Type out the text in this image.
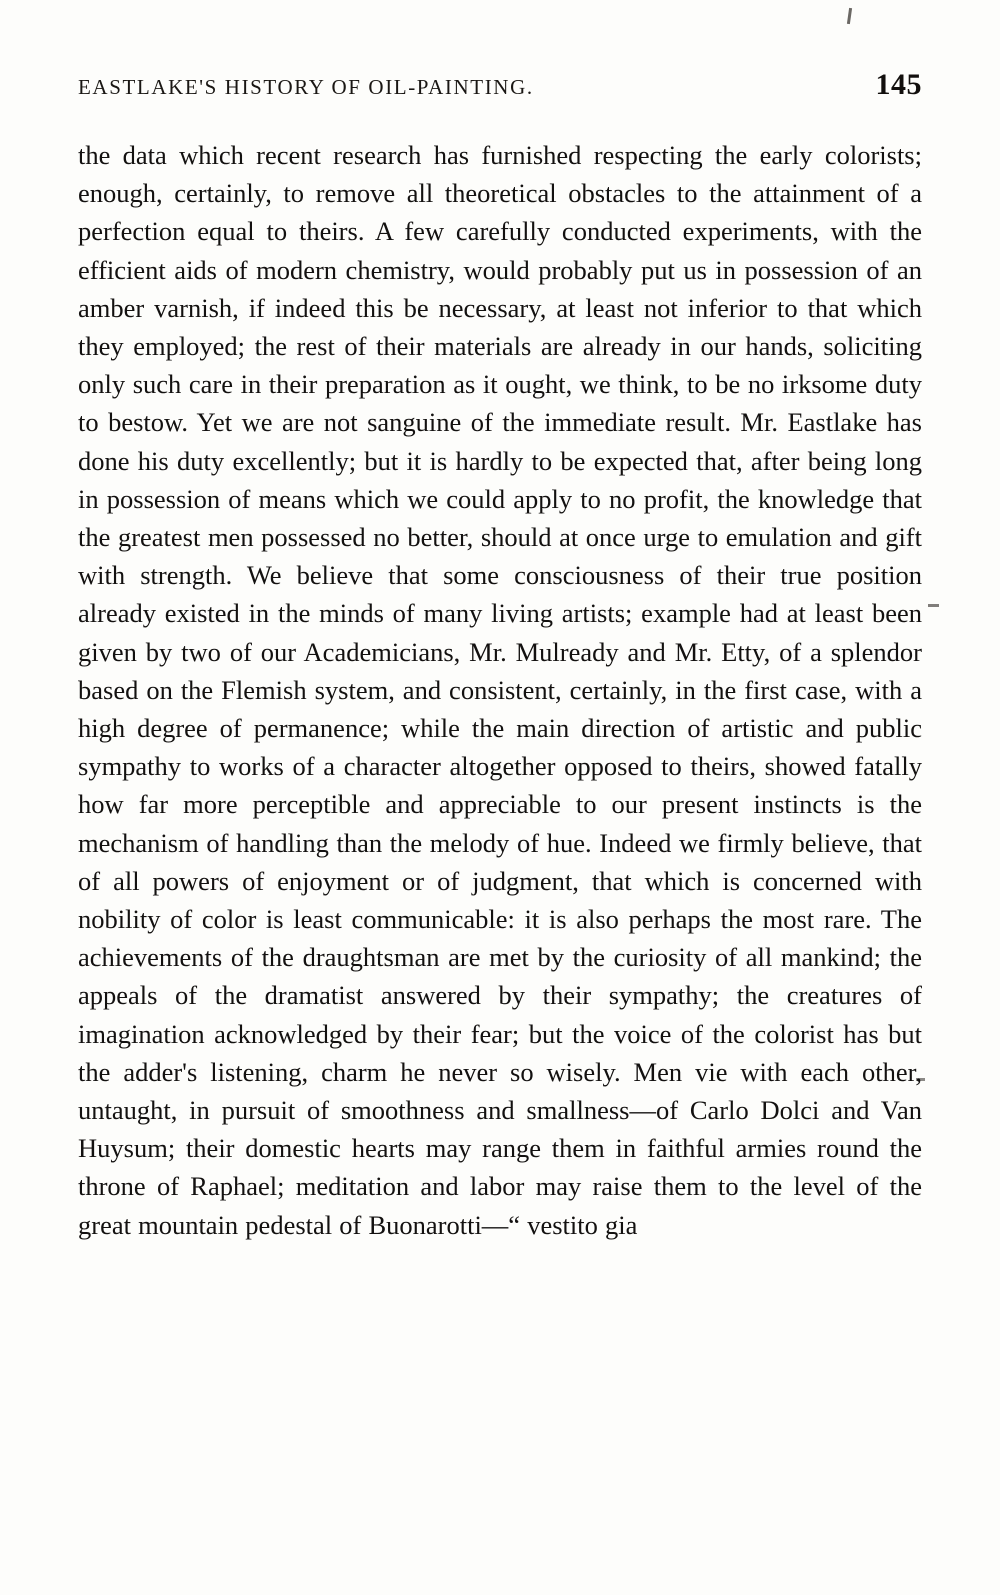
EASTLAKE'S HISTORY OF OIL-PAINTING.	145

the data which recent research has furnished respecting the early colorists; enough, certainly, to remove all theoretical obstacles to the attainment of a perfection equal to theirs. A few carefully conducted experiments, with the efficient aids of modern chemistry, would probably put us in possession of an amber varnish, if indeed this be necessary, at least not inferior to that which they employed; the rest of their materials are already in our hands, soliciting only such care in their preparation as it ought, we think, to be no irksome duty to bestow. Yet we are not sanguine of the immediate result. Mr. Eastlake has done his duty excellently; but it is hardly to be expected that, after being long in possession of means which we could apply to no profit, the knowledge that the greatest men possessed no better, should at once urge to emulation and gift with strength. We believe that some consciousness of their true position already existed in the minds of many living artists; example had at least been given by two of our Academicians, Mr. Mulready and Mr. Etty, of a splendor based on the Flemish system, and consistent, certainly, in the first case, with a high degree of permanence; while the main direction of artistic and public sympathy to works of a character altogether opposed to theirs, showed fatally how far more perceptible and appreciable to our present instincts is the mechanism of handling than the melody of hue. Indeed we firmly believe, that of all powers of enjoyment or of judgment, that which is concerned with nobility of color is least communicable: it is also perhaps the most rare. The achievements of the draughtsman are met by the curiosity of all mankind; the appeals of the dramatist answered by their sympathy; the creatures of imagination acknowledged by their fear; but the voice of the colorist has but the adder's listening, charm he never so wisely. Men vie with each other, untaught, in pursuit of smoothness and smallness—of Carlo Dolci and Van Huysum; their domestic hearts may range them in faithful armies round the throne of Raphael; meditation and labor may raise them to the level of the great mountain pedestal of Buonarotti—“ vestito gia
